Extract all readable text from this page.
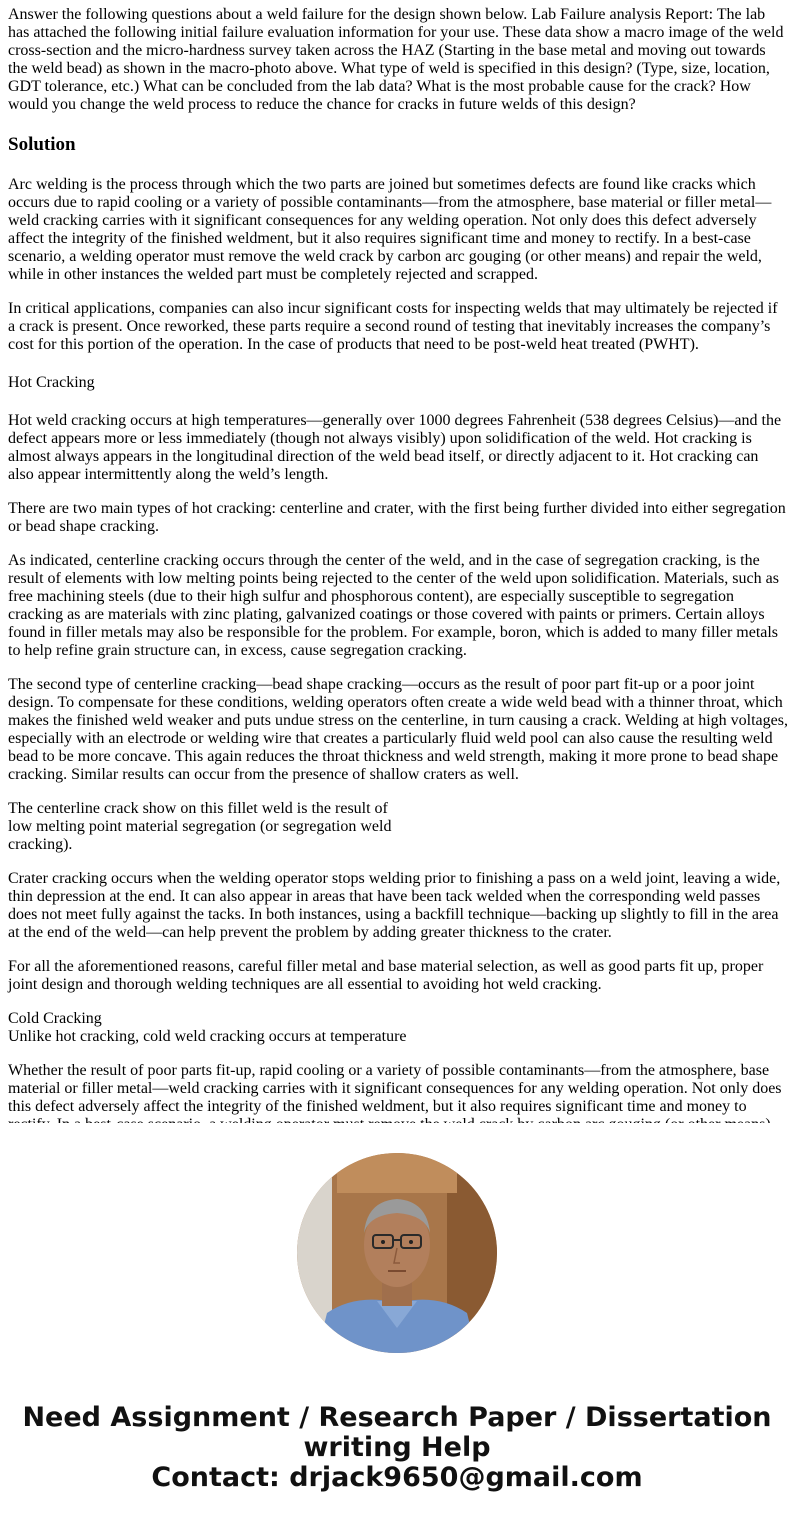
Answer the following questions about a weld failure for the design shown below. Lab Failure analysis Report: The lab has attached the following initial failure evaluation information for your use. These data show a macro image of the weld cross-section and the micro-hardness survey taken across the HAZ (Starting in the base metal and moving out towards the weld bead) as shown in the macro-photo above. What type of weld is specified in this design? (Type, size, location, GDT tolerance, etc.) What can be concluded from the lab data? What is the most probable cause for the crack? How would you change the weld process to reduce the chance for cracks in future welds of this design?

Solution

Arc welding is the process through which the two parts are joined but sometimes defects are found like cracks which occurs due to rapid cooling or a variety of possible contaminants—from the atmosphere, base material or filler metal—weld cracking carries with it significant consequences for any welding operation. Not only does this defect adversely affect the integrity of the finished weldment, but it also requires significant time and money to rectify. In a best-case scenario, a welding operator must remove the weld crack by carbon arc gouging (or other means) and repair the weld, while in other instances the welded part must be completely rejected and scrapped.

In critical applications, companies can also incur significant costs for inspecting welds that may ultimately be rejected if a crack is present. Once reworked, these parts require a second round of testing that inevitably increases the company’s cost for this portion of the operation. In the case of products that need to be post-weld heat treated (PWHT).

Hot Cracking

Hot weld cracking occurs at high temperatures—generally over 1000 degrees Fahrenheit (538 degrees Celsius)—and the defect appears more or less immediately (though not always visibly) upon solidification of the weld. Hot cracking is almost always appears in the longitudinal direction of the weld bead itself, or directly adjacent to it. Hot cracking can also appear intermittently along the weld’s length.

There are two main types of hot cracking: centerline and crater, with the first being further divided into either segregation or bead shape cracking.

As indicated, centerline cracking occurs through the center of the weld, and in the case of segregation cracking, is the result of elements with low melting points being rejected to the center of the weld upon solidification. Materials, such as free machining steels (due to their high sulfur and phosphorous content), are especially susceptible to segregation cracking as are materials with zinc plating, galvanized coatings or those covered with paints or primers. Certain alloys found in filler metals may also be responsible for the problem. For example, boron, which is added to many filler metals to help refine grain structure can, in excess, cause segregation cracking.

The second type of centerline cracking—bead shape cracking—occurs as the result of poor part fit-up or a poor joint design. To compensate for these conditions, welding operators often create a wide weld bead with a thinner throat, which makes the finished weld weaker and puts undue stress on the centerline, in turn causing a crack. Welding at high voltages, especially with an electrode or welding wire that creates a particularly fluid weld pool can also cause the resulting weld bead to be more concave. This again reduces the throat thickness and weld strength, making it more prone to bead shape cracking. Similar results can occur from the presence of shallow craters as well.

The centerline crack show on this fillet weld is the result of low melting point material segregation (or segregation weld cracking).

Crater cracking occurs when the welding operator stops welding prior to finishing a pass on a weld joint, leaving a wide, thin depression at the end. It can also appear in areas that have been tack welded when the corresponding weld passes does not meet fully against the tacks. In both instances, using a backfill technique—backing up slightly to fill in the area at the end of the weld—can help prevent the problem by adding greater thickness to the crater.

For all the aforementioned reasons, careful filler metal and base material selection, as well as good parts fit up, proper joint design and thorough welding techniques are all essential to avoiding hot weld cracking.

Cold Cracking
Unlike hot cracking, cold weld cracking occurs at temperature

Whether the result of poor parts fit-up, rapid cooling or a variety of possible contaminants—from the atmosphere, base material or filler metal—weld cracking carries with it significant consequences for any welding operation. Not only does this defect adversely affect the integrity of the finished weldment, but it also requires significant time and money to

Need Assignment / Research Paper / Dissertation
writing Help
Contact: drjack9650@gmail.com
